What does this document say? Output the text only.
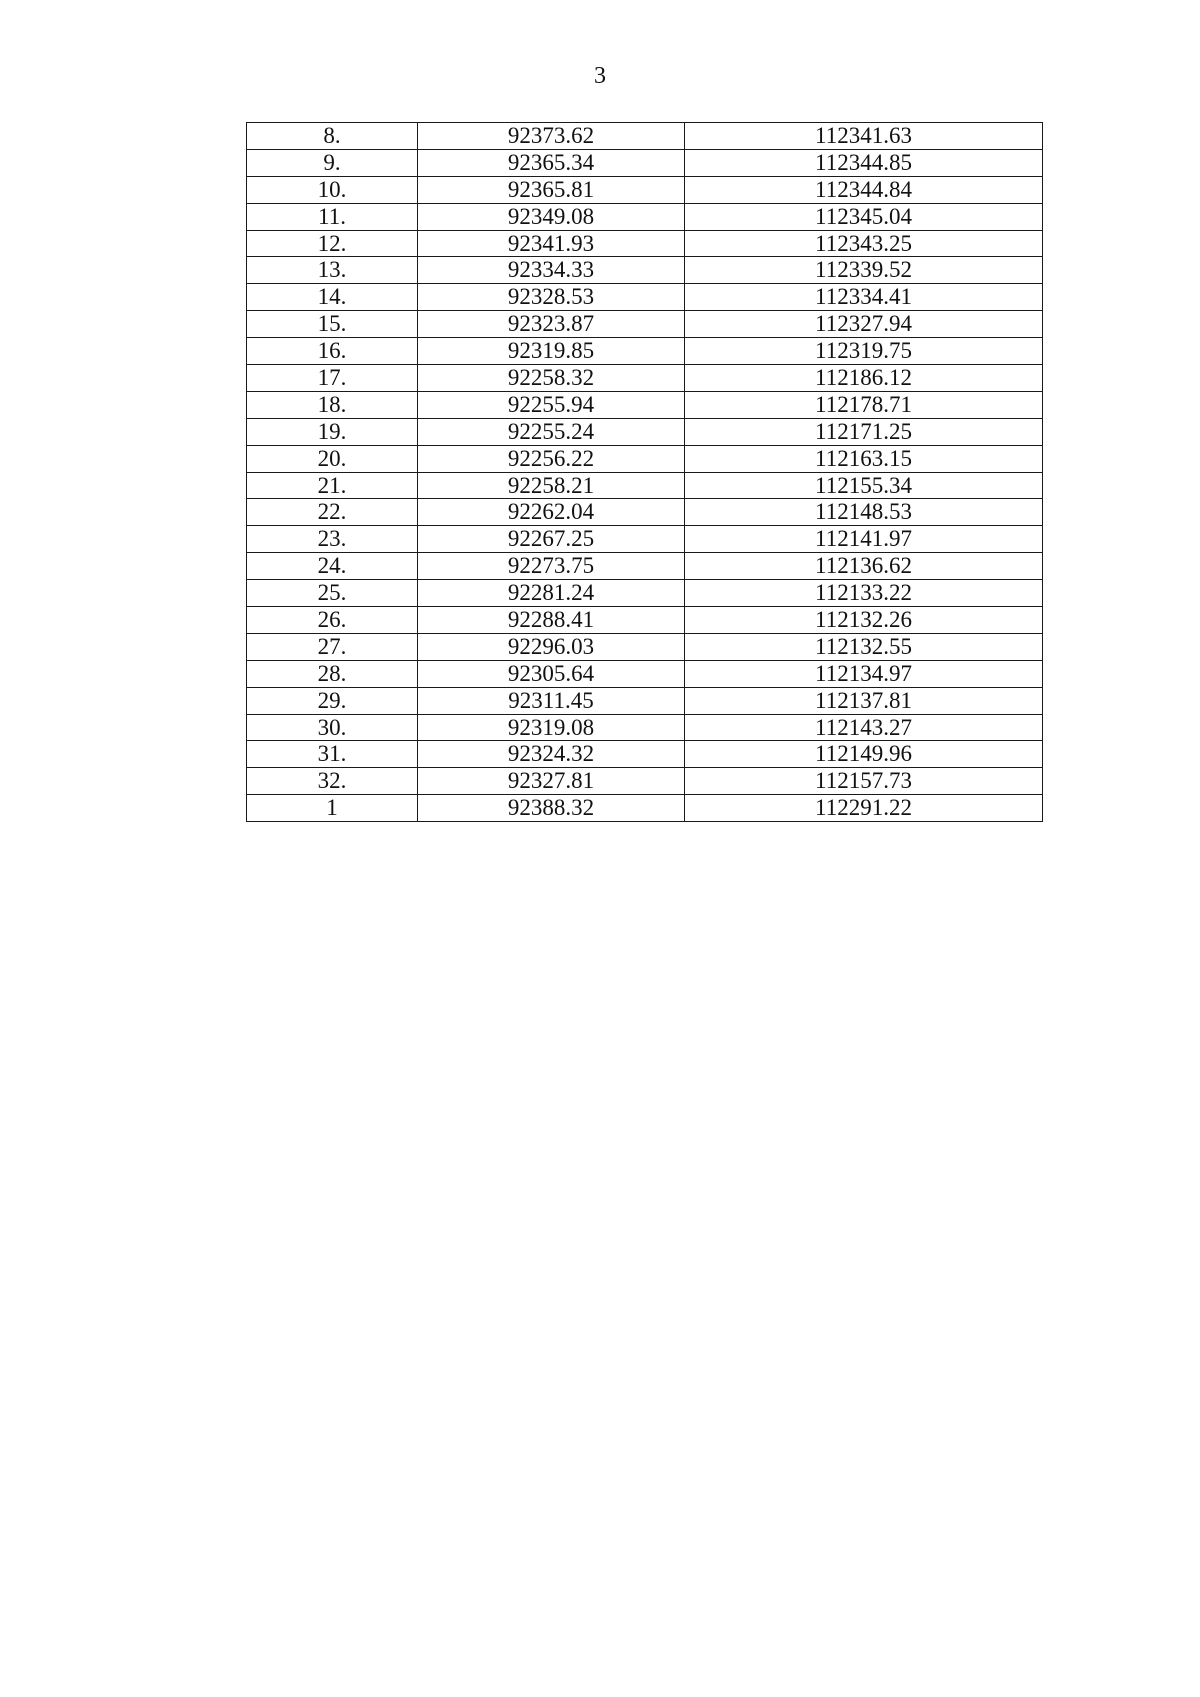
3
8.	92373.62	112341.63
9.	92365.34	112344.85
10.	92365.81	112344.84
11.	92349.08	112345.04
12.	92341.93	112343.25
13.	92334.33	112339.52
14.	92328.53	112334.41
15.	92323.87	112327.94
16.	92319.85	112319.75
17.	92258.32	112186.12
18.	92255.94	112178.71
19.	92255.24	112171.25
20.	92256.22	112163.15
21.	92258.21	112155.34
22.	92262.04	112148.53
23.	92267.25	112141.97
24.	92273.75	112136.62
25.	92281.24	112133.22
26.	92288.41	112132.26
27.	92296.03	112132.55
28.	92305.64	112134.97
29.	92311.45	112137.81
30.	92319.08	112143.27
31.	92324.32	112149.96
32.	92327.81	112157.73
1	92388.32	112291.22
